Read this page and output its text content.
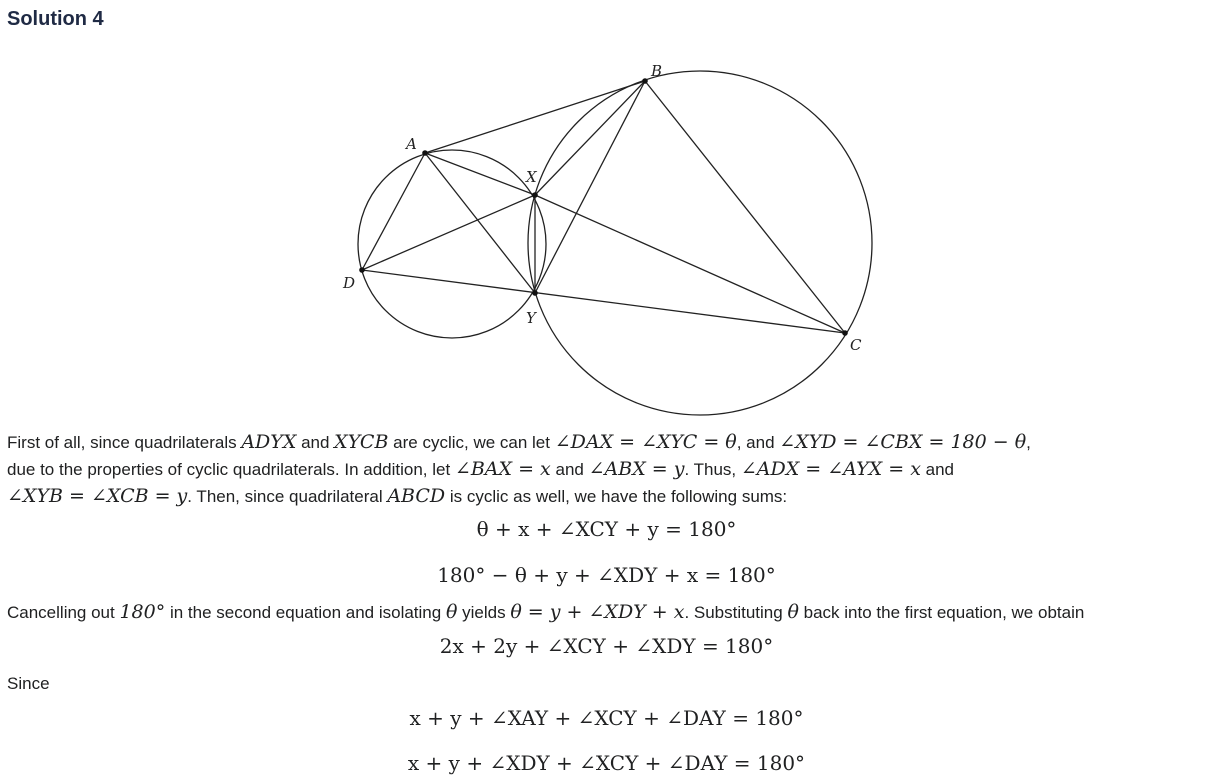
Solution 4
A
B
C
D
X
Y

First of all, since quadrilaterals ADYX and XYCB are cyclic, we can let ∠DAX = ∠XYC = θ, and ∠XYD = ∠CBX = 180 − θ,
due to the properties of cyclic quadrilaterals. In addition, let ∠BAX = x and ∠ABX = y. Thus, ∠ADX = ∠AYX = x and
∠XYB = ∠XCB = y. Then, since quadrilateral ABCD is cyclic as well, we have the following sums:

θ + x + ∠XCY + y = 180°

180° − θ + y + ∠XDY + x = 180°

Cancelling out 180° in the second equation and isolating θ yields θ = y + ∠XDY + x. Substituting θ back into the first equation, we obtain

2x + 2y + ∠XCY + ∠XDY = 180°

Since

x + y + ∠XAY + ∠XCY + ∠DAY = 180°

x + y + ∠XDY + ∠XCY + ∠DAY = 180°
